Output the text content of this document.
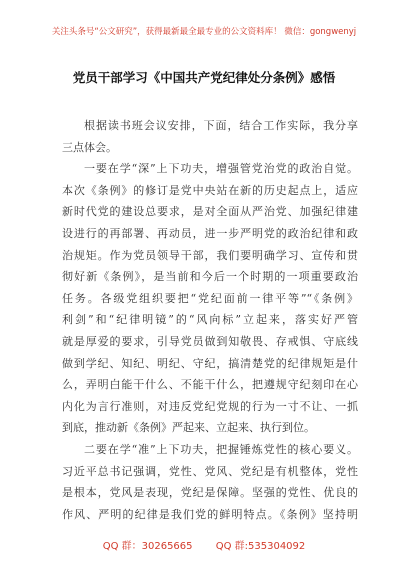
关注头条号“公文研究”，获得最新最全最专业的公文资料库！ 微信：gongwenyj
党员干部学习《中国共产党纪律处分条例》感悟
根据读书班会议安排，下面，结合工作实际，我分享
三点体会。
一要在学“深”上下功夫，增强管党治党的政治自觉。
本次《条例》的修订是党中央站在新的历史起点上，适应
新时代党的建设总要求，是对全面从严治党、加强纪律建
设进行的再部署、再动员，进一步严明党的政治纪律和政
治规矩。作为党员领导干部，我们要明确学习、宣传和贯
彻好新《条例》，是当前和今后一个时期的一项重要政治
任务。各级党组织要把“党纪面前一律平等”“《条例》
利剑”和“纪律明镜”的“风向标”立起来，落实好严管
就是厚爱的要求，引导党员做到知敬畏、存戒惧、守底线
做到学纪、知纪、明纪、守纪，搞清楚党的纪律规矩是什
么，弄明白能干什么、不能干什么，把遵规守纪刻印在心
内化为言行准则，对违反党纪党规的行为一寸不让、一抓
到底，推动新《条例》严起来、立起来、执行到位。
二要在学“准”上下功夫，把握锤炼党性的核心要义。
习近平总书记强调，党性、党风、党纪是有机整体，党性
是根本，党风是表现，党纪是保障。坚强的党性、优良的
作风、严明的纪律是我们党的鲜明特点。《条例》坚持明
QQ 群：30265665 QQ 群:535304092
